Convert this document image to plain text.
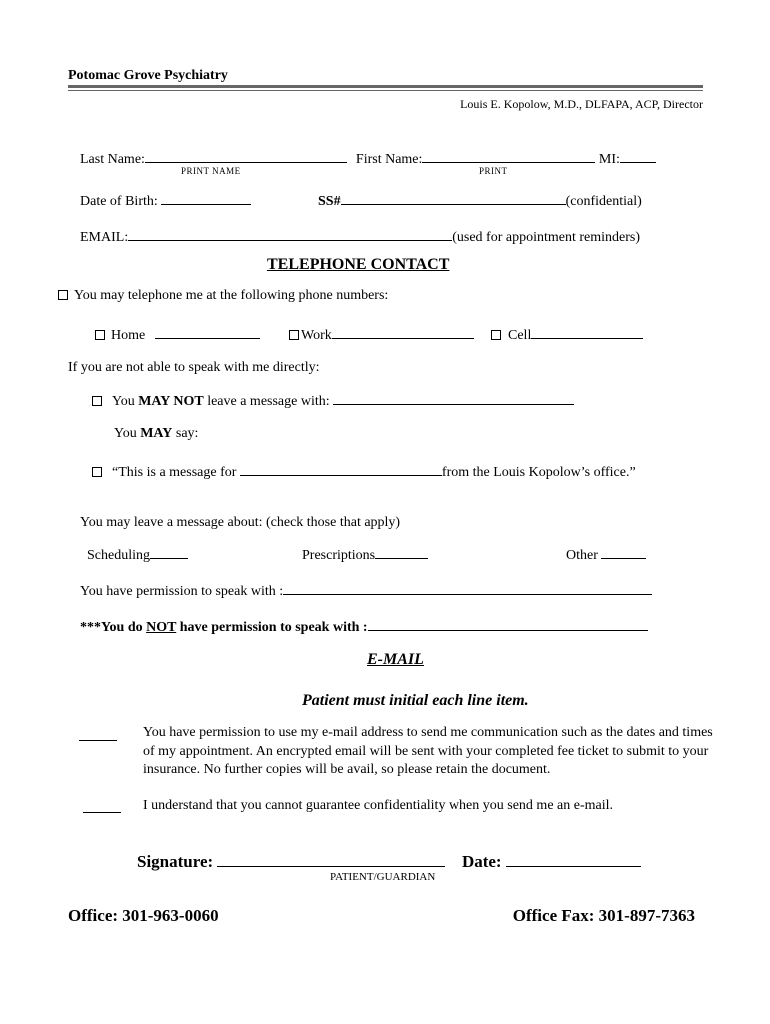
Potomac Grove Psychiatry
Louis E. Kopolow, M.D., DLFAPA, ACP, Director
Last Name:	First Name:	MI:
PRINT NAME	PRINT
Date of Birth:	SS#	(confidential)
EMAIL:	(used for appointment reminders)
TELEPHONE CONTACT
You may telephone me at the following phone numbers:
Home	Work	Cell
If you are not able to speak with me directly:
You MAY NOT leave a message with:
You MAY say:
“This is a message for	from the Louis Kopolow’s office.”
You may leave a message about: (check those that apply)
Scheduling	Prescriptions	Other
You have permission to speak with :
***You do NOT have permission to speak with :
E-MAIL
Patient must initial each line item.
You have permission to use my e-mail address to send me communication such as the dates and times of my appointment. An encrypted email will be sent with your completed fee ticket to submit to your insurance. No further copies will be avail, so please retain the document.
I understand that you cannot guarantee confidentiality when you send me an e-mail.
Signature:	Date:
PATIENT/GUARDIAN
Office: 301-963-0060	Office Fax: 301-897-7363
